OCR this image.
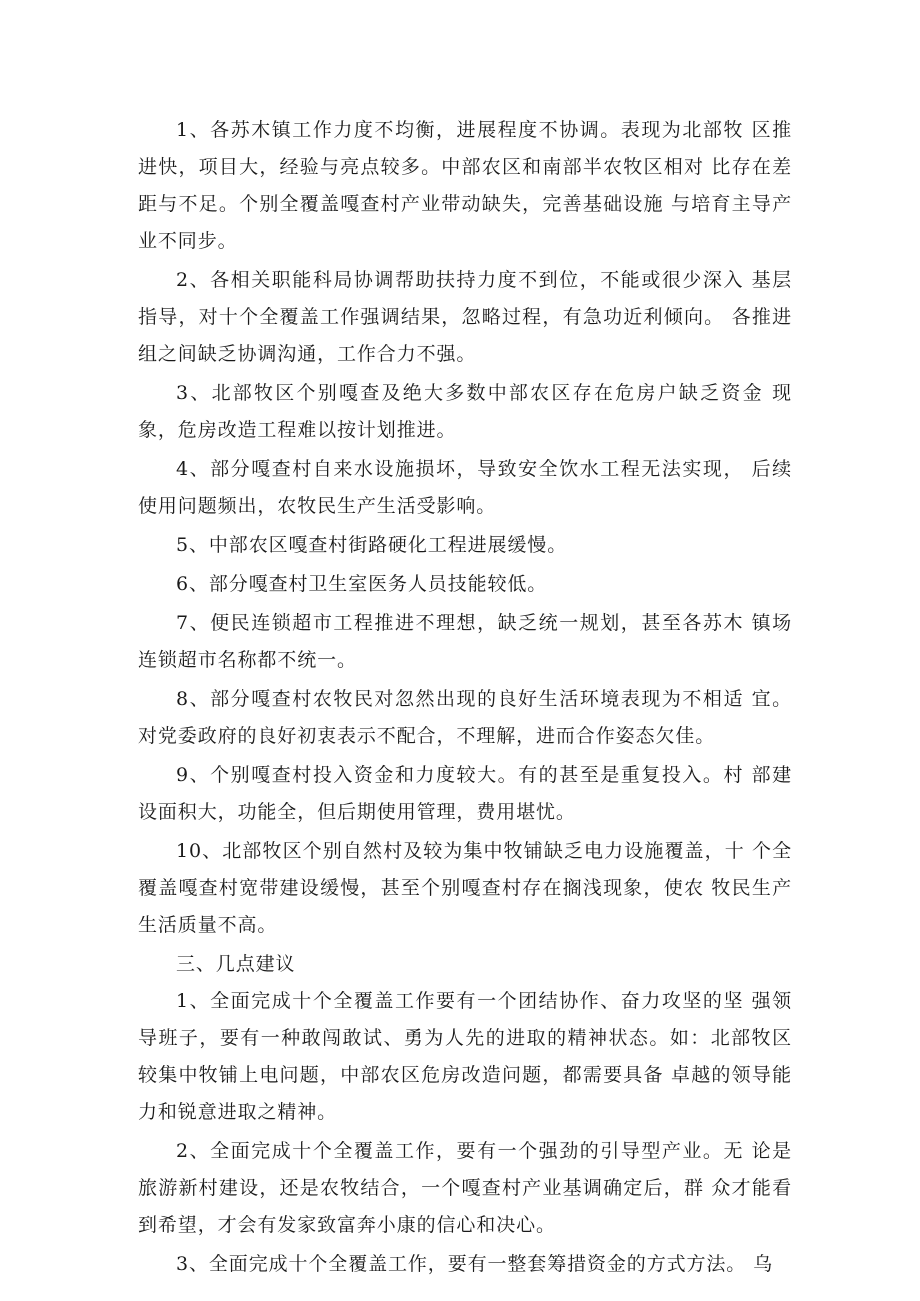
1、各苏木镇工作力度不均衡，进展程度不协调。表现为北部牧 区推进快，项目大，经验与亮点较多。中部农区和南部半农牧区相对 比存在差距与不足。个别全覆盖嘎查村产业带动缺失，完善基础设施 与培育主导产业不同步。

2、各相关职能科局协调帮助扶持力度不到位，不能或很少深入 基层指导，对十个全覆盖工作强调结果，忽略过程，有急功近利倾向。 各推进组之间缺乏协调沟通，工作合力不强。

3、北部牧区个别嘎查及绝大多数中部农区存在危房户缺乏资金 现象，危房改造工程难以按计划推进。

4、部分嘎查村自来水设施损坏，导致安全饮水工程无法实现， 后续使用问题频出，农牧民生产生活受影响。

5、中部农区嘎查村街路硬化工程进展缓慢。

6、部分嘎查村卫生室医务人员技能较低。

7、便民连锁超市工程推进不理想，缺乏统一规划，甚至各苏木 镇场连锁超市名称都不统一。

8、部分嘎查村农牧民对忽然出现的良好生活环境表现为不相适 宜。对党委政府的良好初衷表示不配合，不理解，进而合作姿态欠佳。

9、个别嘎查村投入资金和力度较大。有的甚至是重复投入。村 部建设面积大，功能全，但后期使用管理，费用堪忧。

10、北部牧区个别自然村及较为集中牧铺缺乏电力设施覆盖，十 个全覆盖嘎查村宽带建设缓慢，甚至个别嘎查村存在搁浅现象，使农 牧民生产生活质量不高。

三、几点建议

1、全面完成十个全覆盖工作要有一个团结协作、奋力攻坚的坚 强领导班子，要有一种敢闯敢试、勇为人先的进取的精神状态。如：北部牧区较集中牧铺上电问题，中部农区危房改造问题，都需要具备 卓越的领导能力和锐意进取之精神。

2、全面完成十个全覆盖工作，要有一个强劲的引导型产业。无 论是旅游新村建设，还是农牧结合，一个嘎查村产业基调确定后，群 众才能看到希望，才会有发家致富奔小康的信心和决心。

3、全面完成十个全覆盖工作，要有一整套筹措资金的方式方法。 乌
